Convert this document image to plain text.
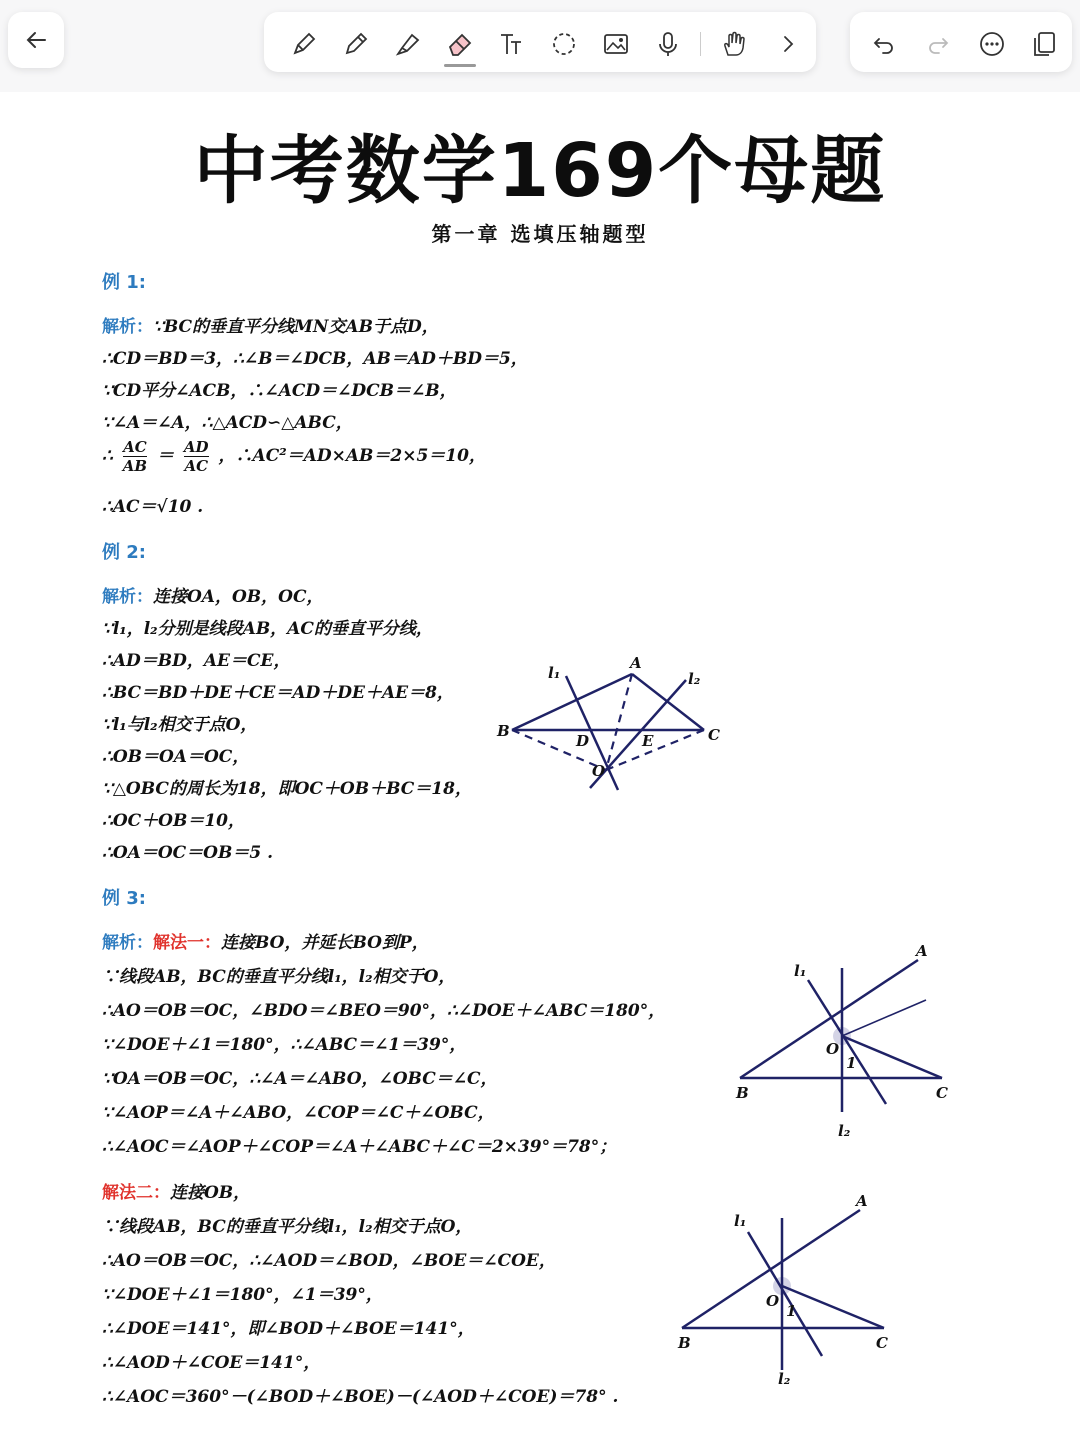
中考数学169个母题
第一章 选填压轴题型
例 1:
解析：∵BC的垂直平分线MN交AB于点D，
∴CD＝BD＝3，∴∠B＝∠DCB，AB＝AD＋BD＝5，
∵CD平分∠ACB，∴∠ACD＝∠DCB＝∠B，
∵∠A＝∠A，∴△ACD∽△ABC，
∴ $\frac{AC}{AB} = \frac{AD}{AC}$ ，∴AC²＝AD×AB＝2×5＝10，
∴AC＝√10 .
例 2:
解析：连接OA，OB，OC，
∵l₁，l₂分别是线段AB，AC的垂直平分线，
∴AD＝BD，AE＝CE，
∴BC＝BD＋DE＋CE＝AD＋DE＋AE＝8，
∵l₁与l₂相交于点O，
∴OB＝OA＝OC，
∵△OBC的周长为18，即OC＋OB＋BC＝18，
∴OC＋OB＝10，
∴OA＝OC＝OB＝5 .
l₁	l₂
A
B	C
D	E
O
例 3:
解析：解法一：连接BO，并延长BO到P，
∵线段AB，BC的垂直平分线l₁，l₂相交于O，
∴AO＝OB＝OC，∠BDO＝∠BEO＝90°，∴∠DOE＋∠ABC＝180°，
∵∠DOE＋∠1＝180°，∴∠ABC＝∠1＝39°，
∵OA＝OB＝OC，∴∠A＝∠ABO，∠OBC＝∠C，
∵∠AOP＝∠A＋∠ABO，∠COP＝∠C＋∠OBC，
∴∠AOC＝∠AOP＋∠COP＝∠A＋∠ABC＋∠C＝2×39°＝78°；
解法二：连接OB，
∵线段AB，BC的垂直平分线l₁，l₂相交于点O，
∴AO＝OB＝OC，∴∠AOD＝∠BOD，∠BOE＝∠COE，
∵∠DOE＋∠1＝180°，∠1＝39°，
∴∠DOE＝141°，即∠BOD＋∠BOE＝141°，
∴∠AOD＋∠COE＝141°，
∴∠AOC＝360°－(∠BOD＋∠BOE)－(∠AOD＋∠COE)＝78° .
l₁
A
O
1
B	C
l₂
l₁
A
O
1
B	C
l₂
